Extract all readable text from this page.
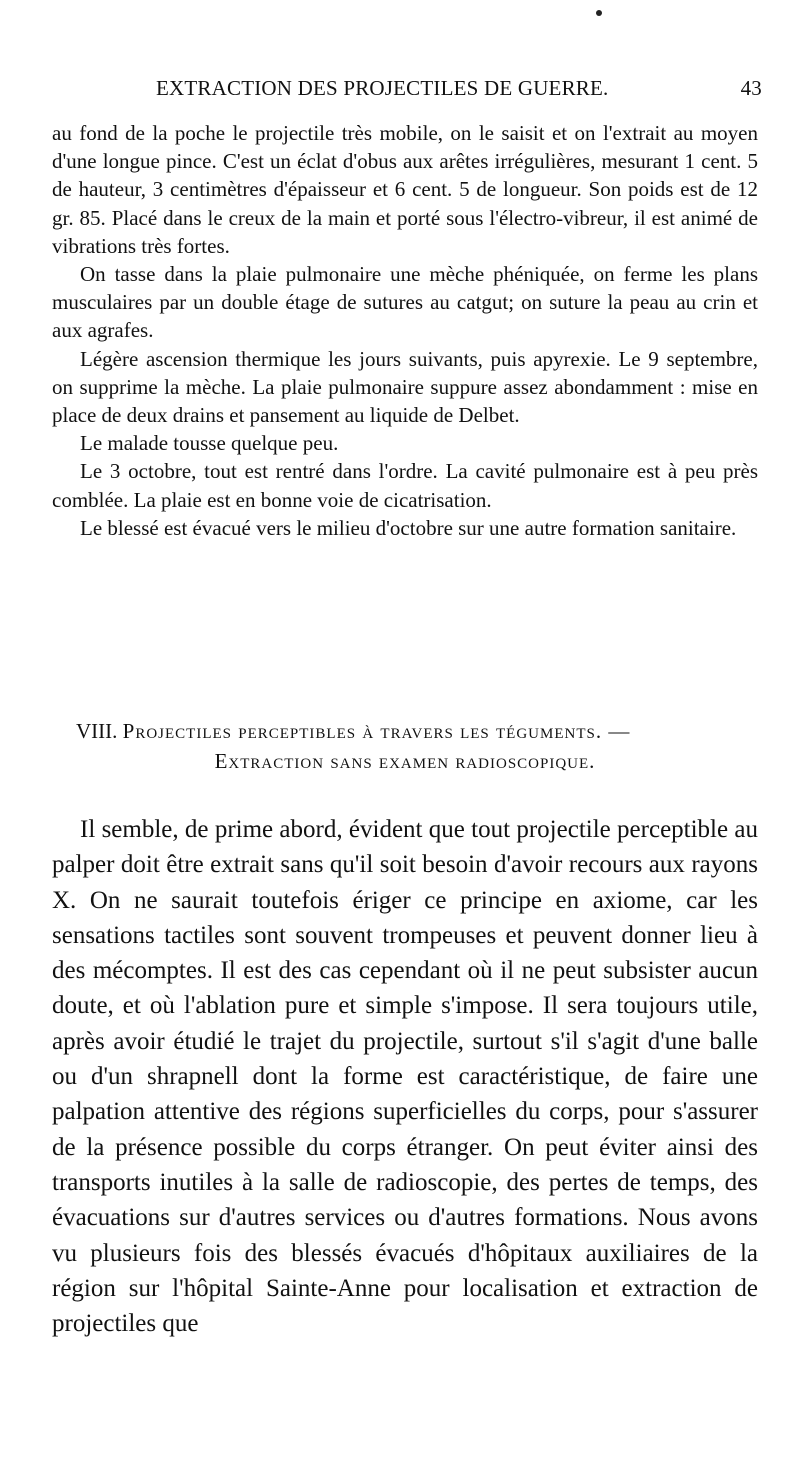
EXTRACTION DES PROJECTILES DE GUERRE.	43

au fond de la poche le projectile très mobile, on le saisit et on l'extrait au moyen d'une longue pince. C'est un éclat d'obus aux arêtes irrégulières, mesurant 1 cent. 5 de hauteur, 3 centimètres d'épaisseur et 6 cent. 5 de longueur. Son poids est de 12 gr. 85. Placé dans le creux de la main et porté sous l'électro-vibreur, il est animé de vibrations très fortes.

On tasse dans la plaie pulmonaire une mèche phéniquée, on ferme les plans musculaires par un double étage de sutures au catgut; on suture la peau au crin et aux agrafes.

Légère ascension thermique les jours suivants, puis apyrexie. Le 9 septembre, on supprime la mèche. La plaie pulmonaire suppure assez abondamment : mise en place de deux drains et pansement au liquide de Delbet.

Le malade tousse quelque peu.

Le 3 octobre, tout est rentré dans l'ordre. La cavité pulmonaire est à peu près comblée. La plaie est en bonne voie de cicatrisation.

Le blessé est évacué vers le milieu d'octobre sur une autre formation sanitaire.

VIII. Projectiles perceptibles à travers les téguments. —
Extraction sans examen radioscopique.

Il semble, de prime abord, évident que tout projectile perceptible au palper doit être extrait sans qu'il soit besoin d'avoir recours aux rayons X. On ne saurait toutefois ériger ce principe en axiome, car les sensations tactiles sont souvent trompeuses et peuvent donner lieu à des mécomptes. Il est des cas cependant où il ne peut subsister aucun doute, et où l'ablation pure et simple s'impose. Il sera toujours utile, après avoir étudié le trajet du projectile, surtout s'il s'agit d'une balle ou d'un shrapnell dont la forme est caractéristique, de faire une palpation attentive des régions superficielles du corps, pour s'assurer de la présence possible du corps étranger. On peut éviter ainsi des transports inutiles à la salle de radioscopie, des pertes de temps, des évacuations sur d'autres services ou d'autres formations. Nous avons vu plusieurs fois des blessés évacués d'hôpitaux auxiliaires de la région sur l'hôpital Sainte-Anne pour localisation et extraction de projectiles que
